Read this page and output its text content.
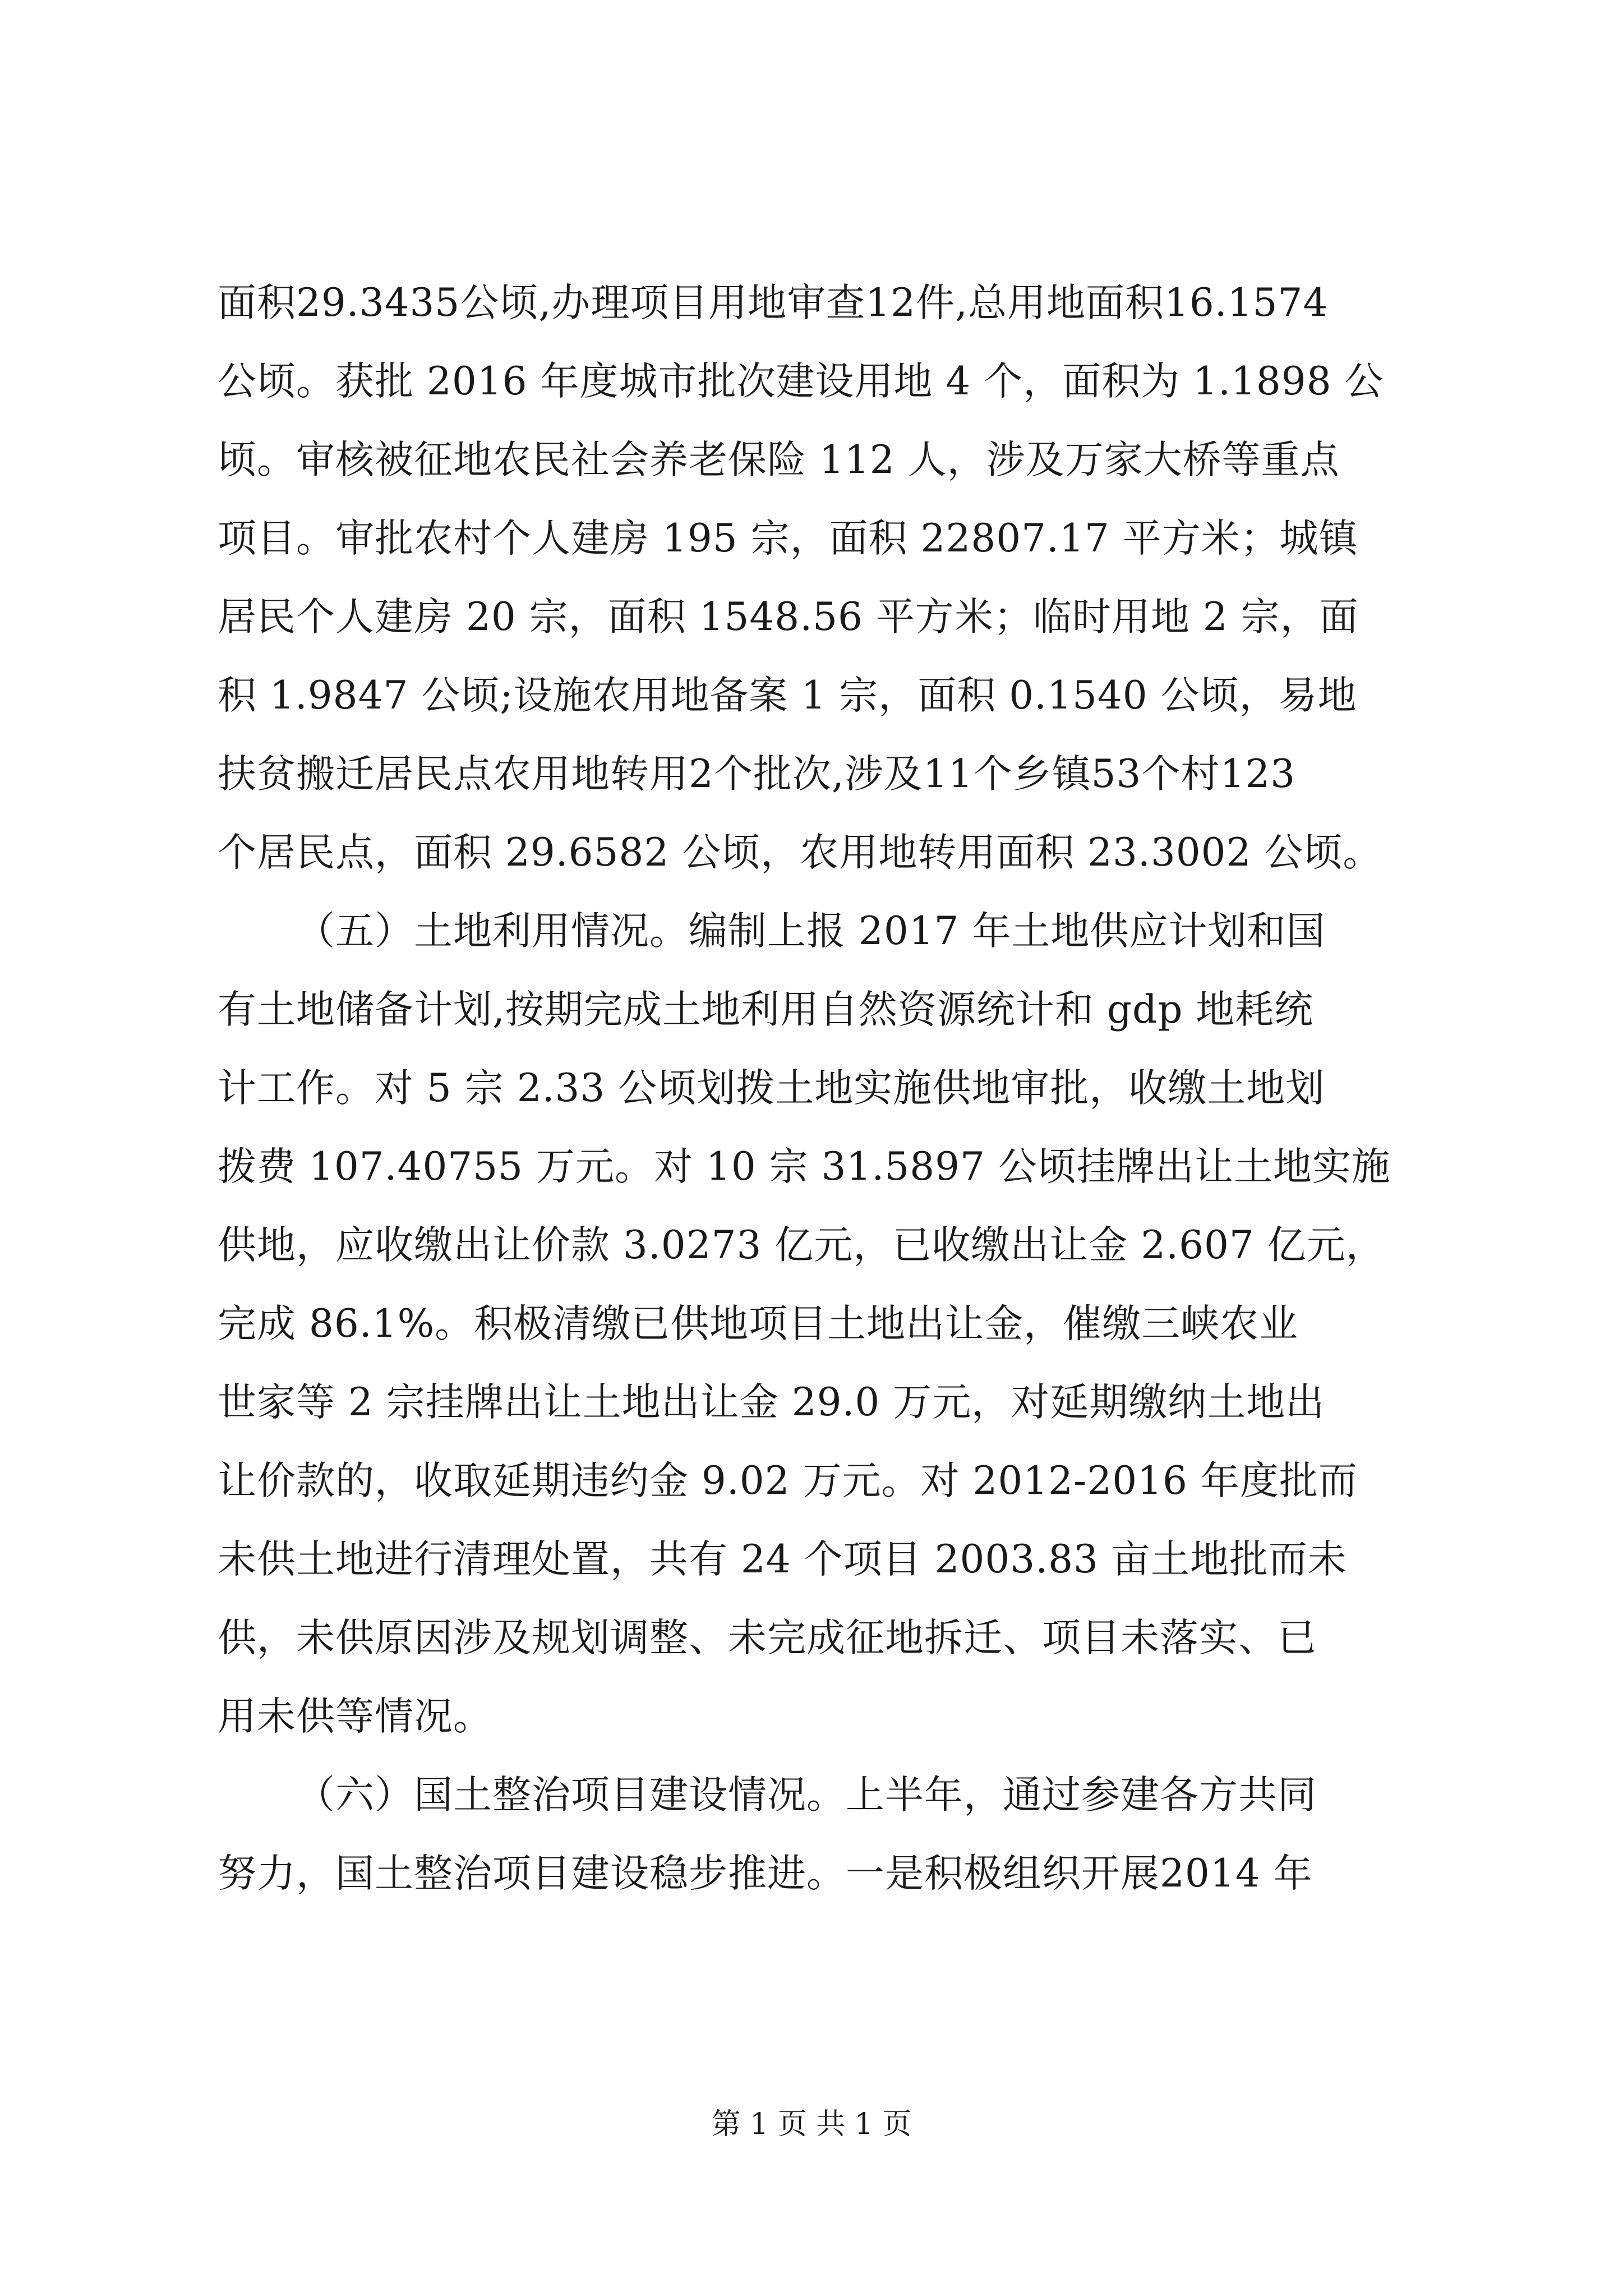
面积29.3435公顷,办理项目用地审查12件,总用地面积16.1574
公顷。获批 2016 年度城市批次建设用地 4 个，面积为 1.1898 公
顷。审核被征地农民社会养老保险 112 人，涉及万家大桥等重点
项目。审批农村个人建房 195 宗，面积 22807.17 平方米；城镇
居民个人建房 20 宗，面积 1548.56 平方米；临时用地 2 宗，面
积 1.9847 公顷;设施农用地备案 1 宗，面积 0.1540 公顷，易地
扶贫搬迁居民点农用地转用2个批次,涉及11个乡镇53个村123
个居民点，面积 29.6582 公顷，农用地转用面积 23.3002 公顷。
（五）土地利用情况。编制上报 2017 年土地供应计划和国
有土地储备计划,按期完成土地利用自然资源统计和 gdp 地耗统
计工作。对 5 宗 2.33 公顷划拨土地实施供地审批，收缴土地划
拨费 107.40755 万元。对 10 宗 31.5897 公顷挂牌出让土地实施
供地，应收缴出让价款 3.0273 亿元，已收缴出让金 2.607 亿元，
完成 86.1%。积极清缴已供地项目土地出让金，催缴三峡农业
世家等 2 宗挂牌出让土地出让金 29.0 万元，对延期缴纳土地出
让价款的，收取延期违约金 9.02 万元。对 2012-2016 年度批而
未供土地进行清理处置，共有 24 个项目 2003.83 亩土地批而未
供，未供原因涉及规划调整、未完成征地拆迁、项目未落实、已
用未供等情况。
（六）国土整治项目建设情况。上半年，通过参建各方共同
努力，国土整治项目建设稳步推进。一是积极组织开展2014 年
第 1 页 共 1 页
